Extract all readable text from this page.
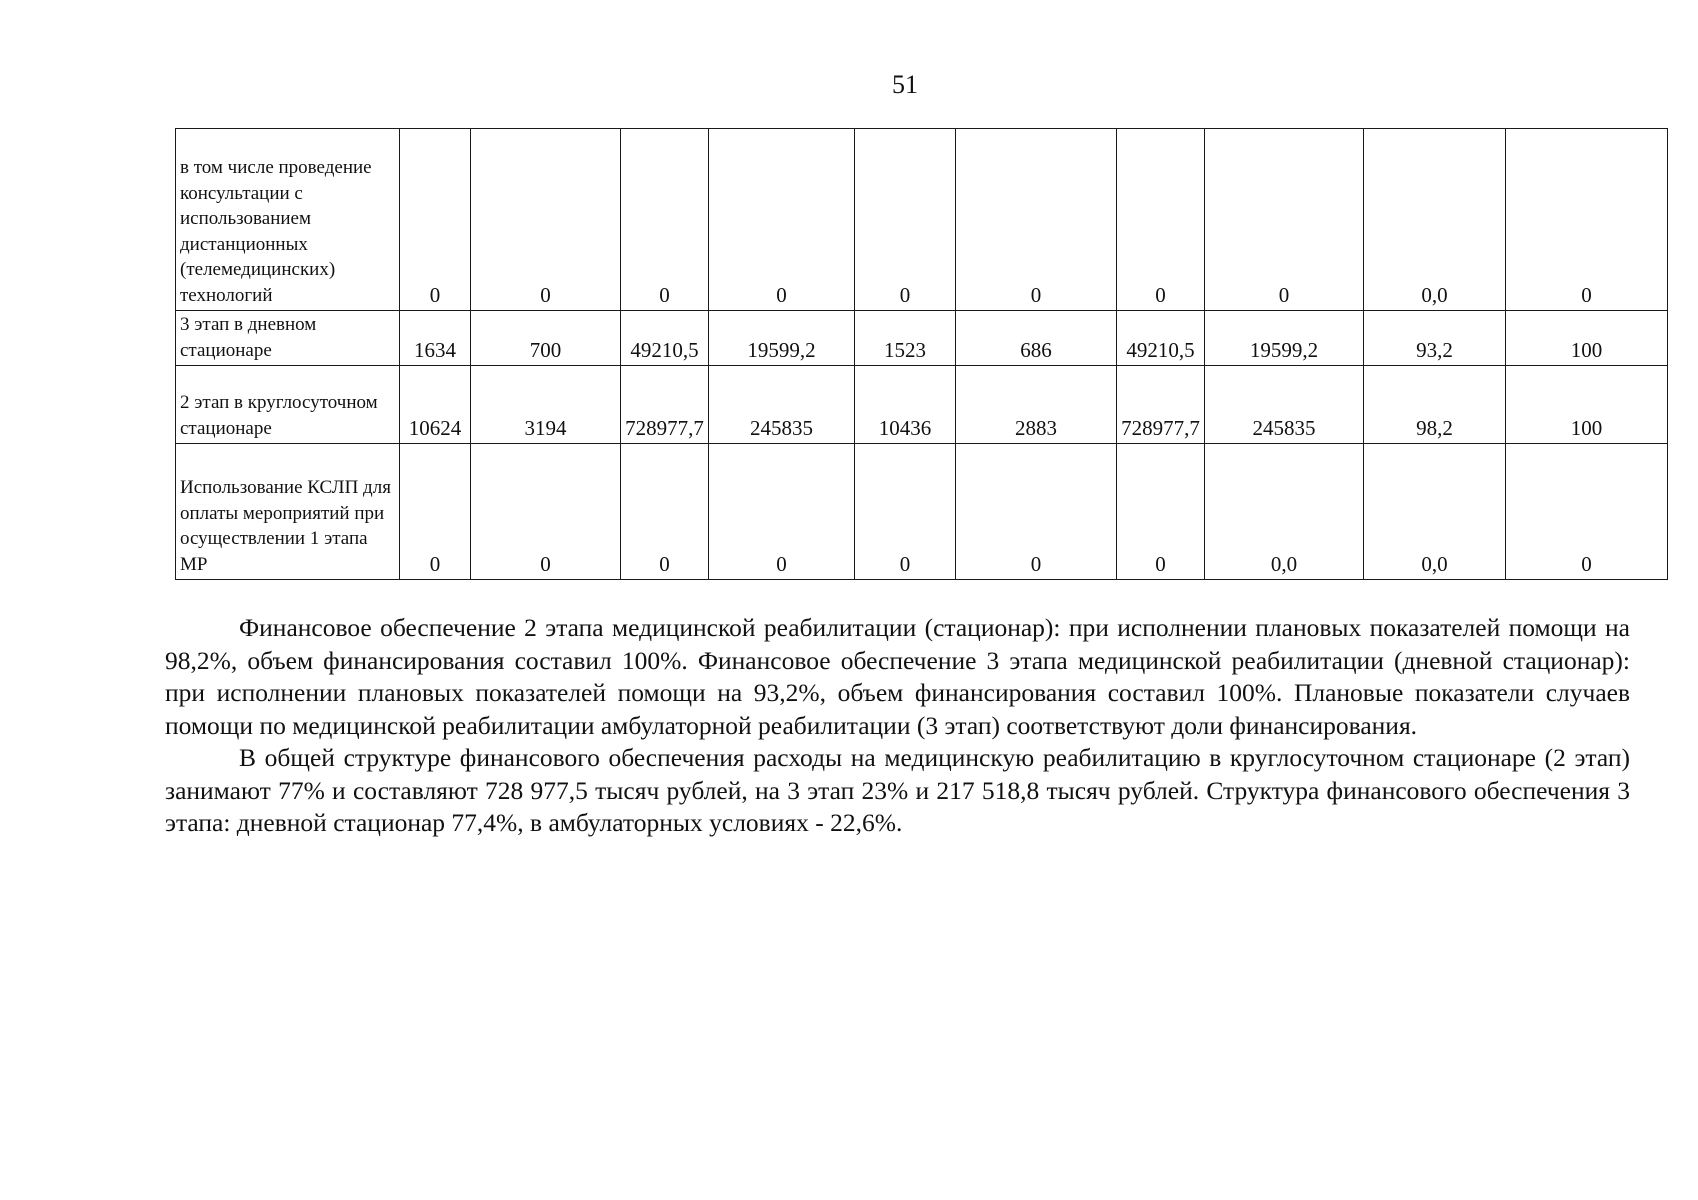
51
в том числе проведение консультации с использованием дистанционных (телемедицинских) технологий	0	0	0	0	0	0	0	0	0,0	0
3 этап в дневном стационаре	1634	700	49210,5	19599,2	1523	686	49210,5	19599,2	93,2	100
2 этап в круглосуточном стационаре	10624	3194	728977,7	245835	10436	2883	728977,7	245835	98,2	100
Использование КСЛП для оплаты мероприятий при осуществлении 1 этапа МР	0	0	0	0	0	0	0	0,0	0,0	0

Финансовое обеспечение 2 этапа медицинской реабилитации (стационар): при исполнении плановых показателей помощи на 98,2%, объем финансирования составил 100%. Финансовое обеспечение 3 этапа медицинской реабилитации (дневной стационар): при исполнении плановых показателей помощи на 93,2%, объем финансирования составил 100%. Плановые показатели случаев помощи по медицинской реабилитации амбулаторной реабилитации (3 этап) соответствуют доли финансирования.

В общей структуре финансового обеспечения расходы на медицинскую реабилитацию в круглосуточном стационаре (2 этап) занимают 77% и составляют 728 977,5 тысяч рублей, на 3 этап 23% и 217 518,8 тысяч рублей. Структура финансового обеспечения 3 этапа: дневной стационар 77,4%, в амбулаторных условиях - 22,6%.
